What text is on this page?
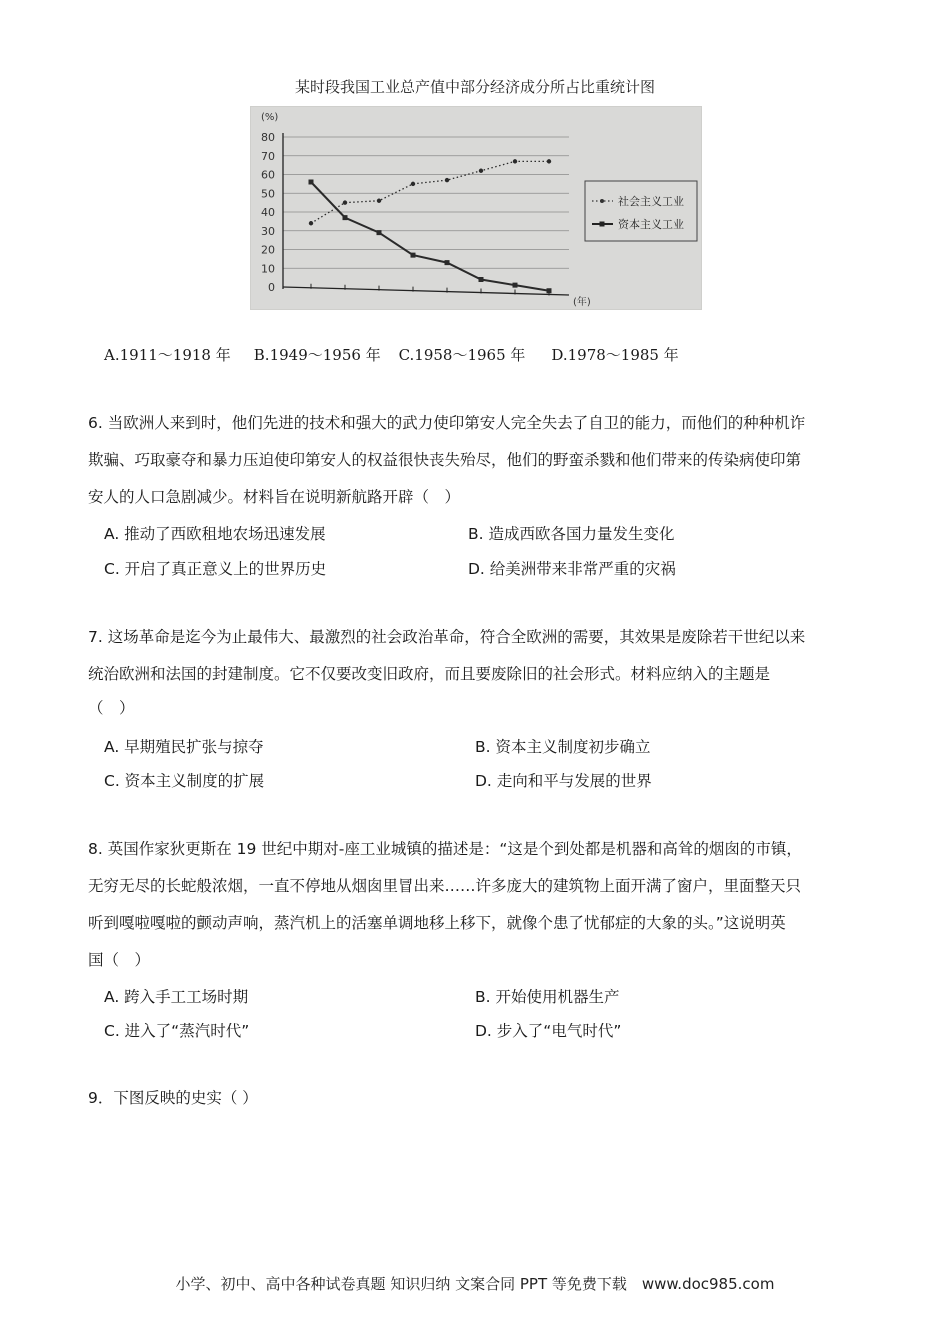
某时段我国工业总产值中部分经济成分所占比重统计图
(%)
(年)
80
70
60
50
40
30
20
10
0
社会主义工业
资本主义工业
A.1911～1918 年 B.1949～1956 年 C.1958～1965 年 D.1978～1985 年
6. 当欧洲人来到时，他们先进的技术和强大的武力使印第安人完全失去了自卫的能力，而他们的种种机诈
欺骗、巧取豪夺和暴力压迫使印第安人的权益很快丧失殆尽，他们的野蛮杀戮和他们带来的传染病使印第
安人的人口急剧减少。材料旨在说明新航路开辟（　）
A. 推动了西欧租地农场迅速发展	B. 造成西欧各国力量发生变化
C. 开启了真正意义上的世界历史	D. 给美洲带来非常严重的灾祸
7. 这场革命是迄今为止最伟大、最激烈的社会政治革命，符合全欧洲的需要，其效果是废除若干世纪以来
统治欧洲和法国的封建制度。它不仅要改变旧政府，而且要废除旧的社会形式。材料应纳入的主题是
（　）
A. 早期殖民扩张与掠夺	B. 资本主义制度初步确立
C. 资本主义制度的扩展	D. 走向和平与发展的世界
8. 英国作家狄更斯在 19 世纪中期对-座工业城镇的描述是：“这是个到处都是机器和高耸的烟囱的市镇，
无穷无尽的长蛇般浓烟，一直不停地从烟囱里冒出来……许多庞大的建筑物上面开满了窗户，里面整天只
听到嘎啦嘎啦的颤动声响，蒸汽机上的活塞单调地移上移下，就像个患了忧郁症的大象的头。”这说明英
国（　）
A. 跨入手工工场时期	B. 开始使用机器生产
C. 进入了“蒸汽时代”	D. 步入了“电气时代”
9．下图反映的史实（ ）
小学、初中、高中各种试卷真题 知识归纳 文案合同 PPT 等免费下载　www.doc985.com
